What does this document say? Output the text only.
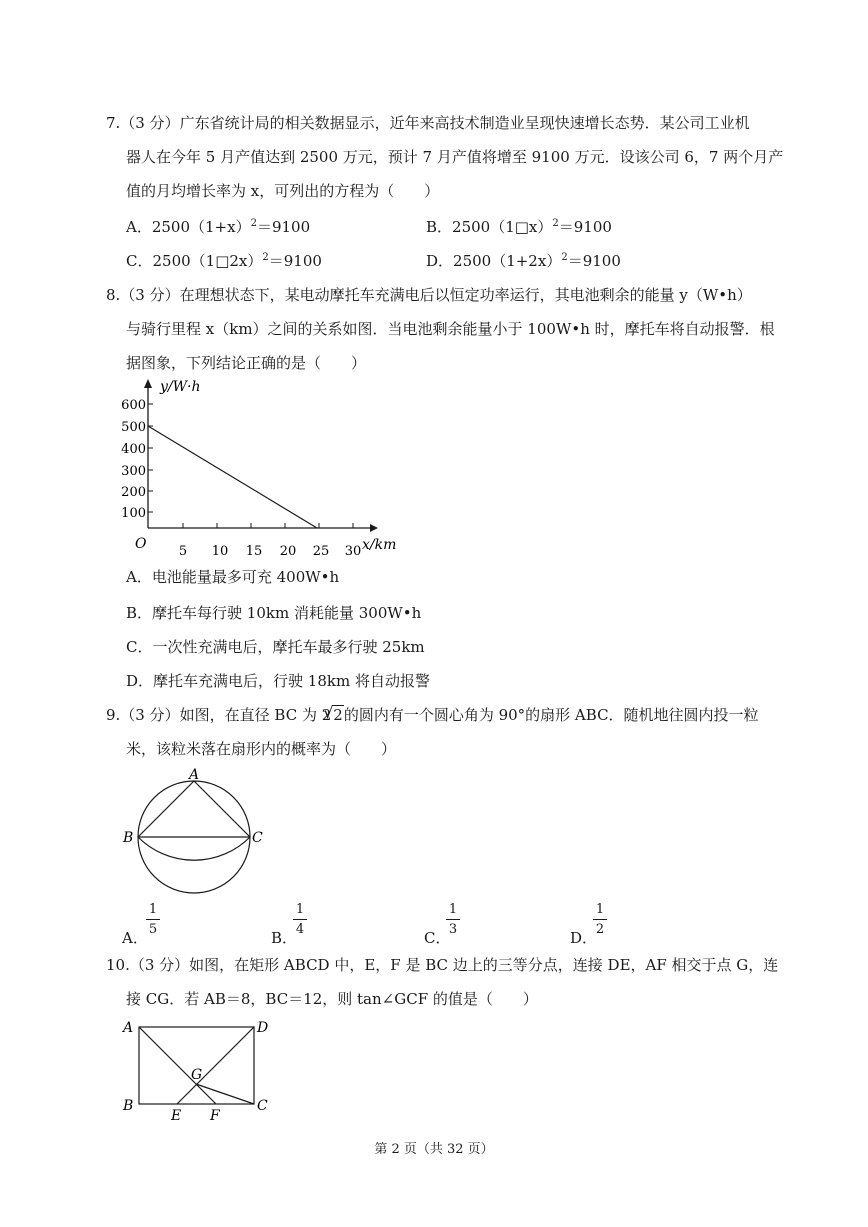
7.（3 分）广东省统计局的相关数据显示，近年来高技术制造业呈现快速增长态势．某公司工业机
器人在今年 5 月产值达到 2500 万元，预计 7 月产值将增至 9100 万元．设该公司 6，7 两个月产
值的月均增长率为 x，可列出的方程为（　　）
A．$2500(1+x)^2=9100$	B．2500（1□x）$^2$＝9100
C．2500（1□2x）$^2$＝9100	D．$2500(1+2x)^2=9100$
8.（3 分）在理想状态下，某电动摩托车充满电后以恒定功率运行，其电池剩余的能量 y（W•h）
与骑行里程 x（km）之间的关系如图．当电池剩余能量小于 100W•h 时，摩托车将自动报警．根
据图象，下列结论正确的是（　　）
y/W·h
x/km
O
600
500
400
300
200
100
5 10 15 20 25 30
A．电池能量最多可充 400W•h
B．摩托车每行驶 10km 消耗能量 300W•h
C．一次性充满电后，摩托车最多行驶 25km
D．摩托车充满电后，行驶 18km 将自动报警
9.（3 分）如图，在直径 BC 为 2√ 2的圆内有一个圆心角为 90°的扇形 ABC．随机地往圆内投一粒
米，该粒米落在扇形内的概率为（　　）
A
B	C
A．
1
5	B．
1
4	C．
1
3	D．
1
2
10.（3 分）如图，在矩形 ABCD 中，E，F 是 BC 边上的三等分点，连接 DE，AF 相交于点 G，连
接 CG．若 AB＝8，BC＝12，则 tan∠GCF 的值是（　　）
A	D
B	C
G
E F
第 2 页（共 32 页）
